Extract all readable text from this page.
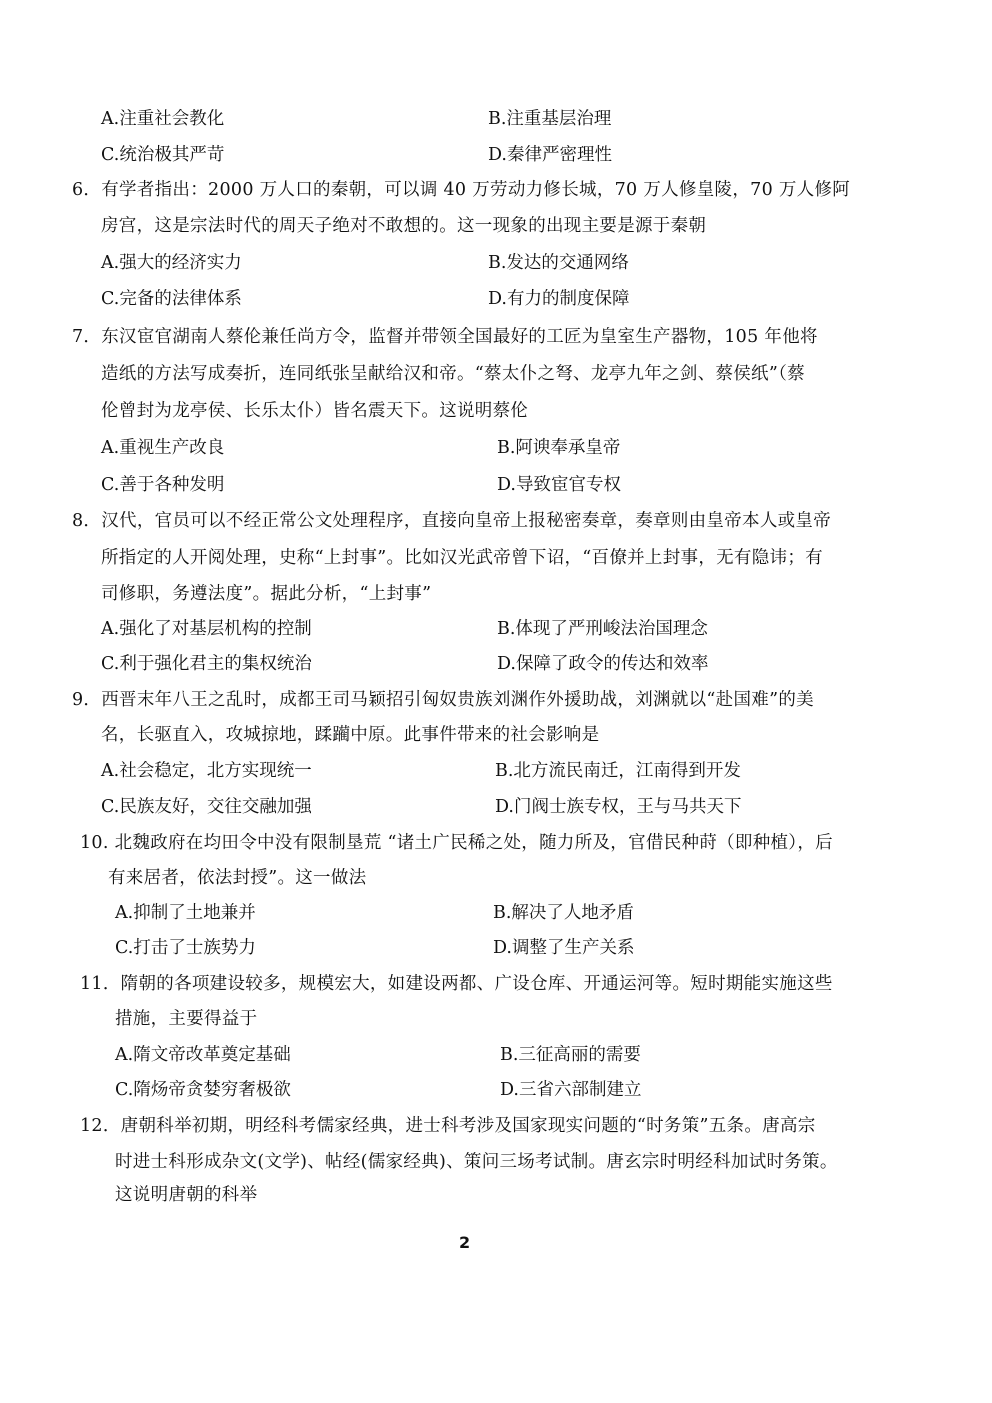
A.注重社会教化	B.注重基层治理
C.统治极其严苛	D.秦律严密理性
6．有学者指出：2000 万人口的秦朝，可以调 40 万劳动力修长城，70 万人修皇陵，70 万人修阿
房宫，这是宗法时代的周天子绝对不敢想的。这一现象的出现主要是源于秦朝
A.强大的经济实力	B.发达的交通网络
C.完备的法律体系	D.有力的制度保障
7．东汉宦官湖南人蔡伦兼任尚方令，监督并带领全国最好的工匠为皇室生产器物，105 年他将
造纸的方法写成奏折，连同纸张呈献给汉和帝。“蔡太仆之弩、龙亭九年之剑、蔡侯纸”（蔡
伦曾封为龙亭侯、长乐太仆）皆名震天下。这说明蔡伦
A.重视生产改良	B.阿谀奉承皇帝
C.善于各种发明	D.导致宦官专权
8．汉代，官员可以不经正常公文处理程序，直接向皇帝上报秘密奏章，奏章则由皇帝本人或皇帝
所指定的人开阅处理，史称“上封事”。比如汉光武帝曾下诏，“百僚并上封事，无有隐讳；有
司修职，务遵法度”。据此分析，“上封事”
A.强化了对基层机构的控制	B.体现了严刑峻法治国理念
C.利于强化君主的集权统治	D.保障了政令的传达和效率
9．西晋末年八王之乱时，成都王司马颖招引匈奴贵族刘渊作外援助战，刘渊就以“赴国难”的美
名，长驱直入，攻城掠地，蹂躏中原。此事件带来的社会影响是
A.社会稳定，北方实现统一	B.北方流民南迁，江南得到开发
C.民族友好，交往交融加强	D.门阀士族专权，王与马共天下
10. 北魏政府在均田令中没有限制垦荒 “诸土广民稀之处，随力所及，官借民种莳（即种植），后
有来居者，依法封授”。这一做法
A.抑制了土地兼并	B.解决了人地矛盾
C.打击了士族势力	D.调整了生产关系
11．隋朝的各项建设较多，规模宏大，如建设两都、广设仓库、开通运河等。短时期能实施这些
措施，主要得益于
A.隋文帝改革奠定基础	B.三征高丽的需要
C.隋炀帝贪婪穷奢极欲	D.三省六部制建立
12．唐朝科举初期，明经科考儒家经典，进士科考涉及国家现实问题的“时务策”五条。唐高宗
时进士科形成杂文(文学)、帖经(儒家经典)、策问三场考试制。唐玄宗时明经科加试时务策。
这说明唐朝的科举
2
